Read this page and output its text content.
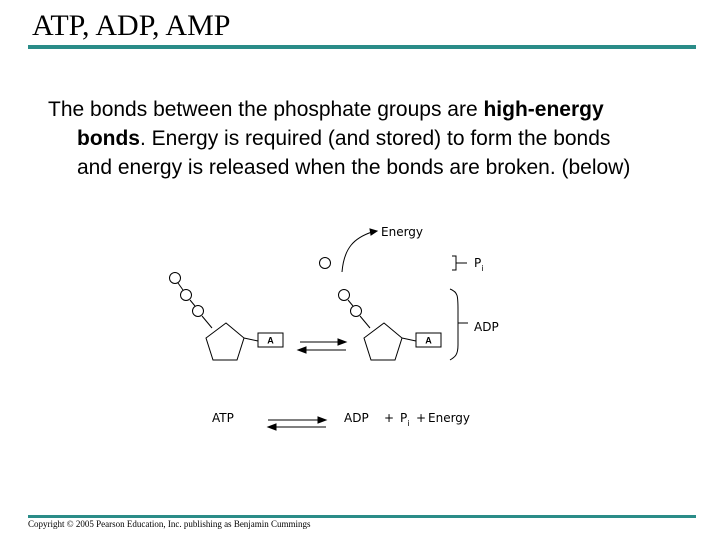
ATP, ADP, AMP
The bonds between the phosphate groups are high-energy bonds. Energy is required (and stored) to form the bonds and energy is released when the bonds are broken. (below)
A	A
Energy
$P_i$
ADP
ATP	ADP + $P_i$ + Energy
Copyright © 2005 Pearson Education, Inc. publishing as Benjamin Cummings
